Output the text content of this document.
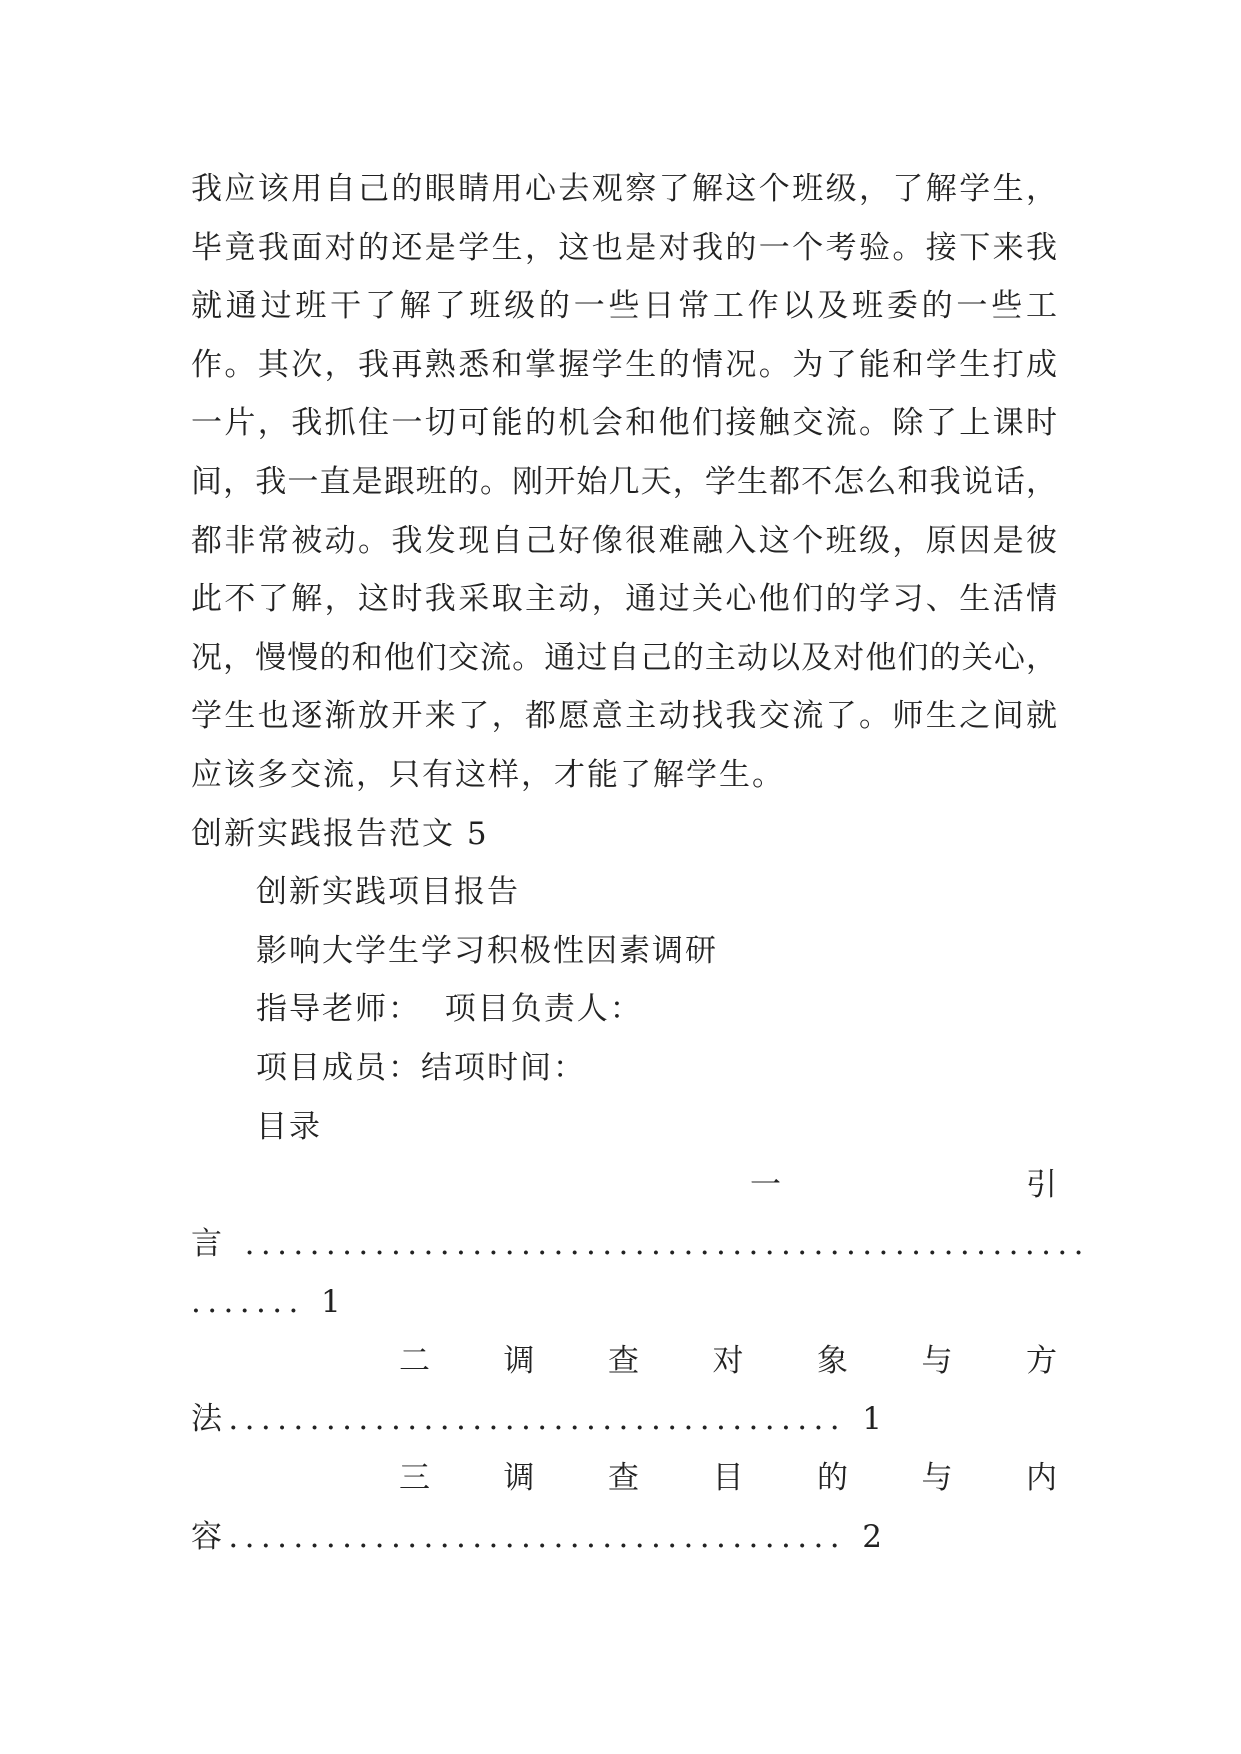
我应该用自己的眼睛用心去观察了解这个班级，了解学生，
毕竟我面对的还是学生，这也是对我的一个考验。接下来我
就通过班干了解了班级的一些日常工作以及班委的一些工
作。其次，我再熟悉和掌握学生的情况。为了能和学生打成
一片，我抓住一切可能的机会和他们接触交流。除了上课时
间，我一直是跟班的。刚开始几天，学生都不怎么和我说话，
都非常被动。我发现自己好像很难融入这个班级，原因是彼
此不了解，这时我采取主动，通过关心他们的学习、生活情
况，慢慢的和他们交流。通过自己的主动以及对他们的关心，
学生也逐渐放开来了，都愿意主动找我交流了。师生之间就
应该多交流，只有这样，才能了解学生。
创新实践报告范文 5
创新实践项目报告
影响大学生学习积极性因素调研
指导老师：  项目负责人：
项目成员：结项时间：
目录
一	引
言 ....................................................
....... 1
二 调 查 对 象 与 方
法...................................... 1
三 调 查 目 的 与 内
容...................................... 2
